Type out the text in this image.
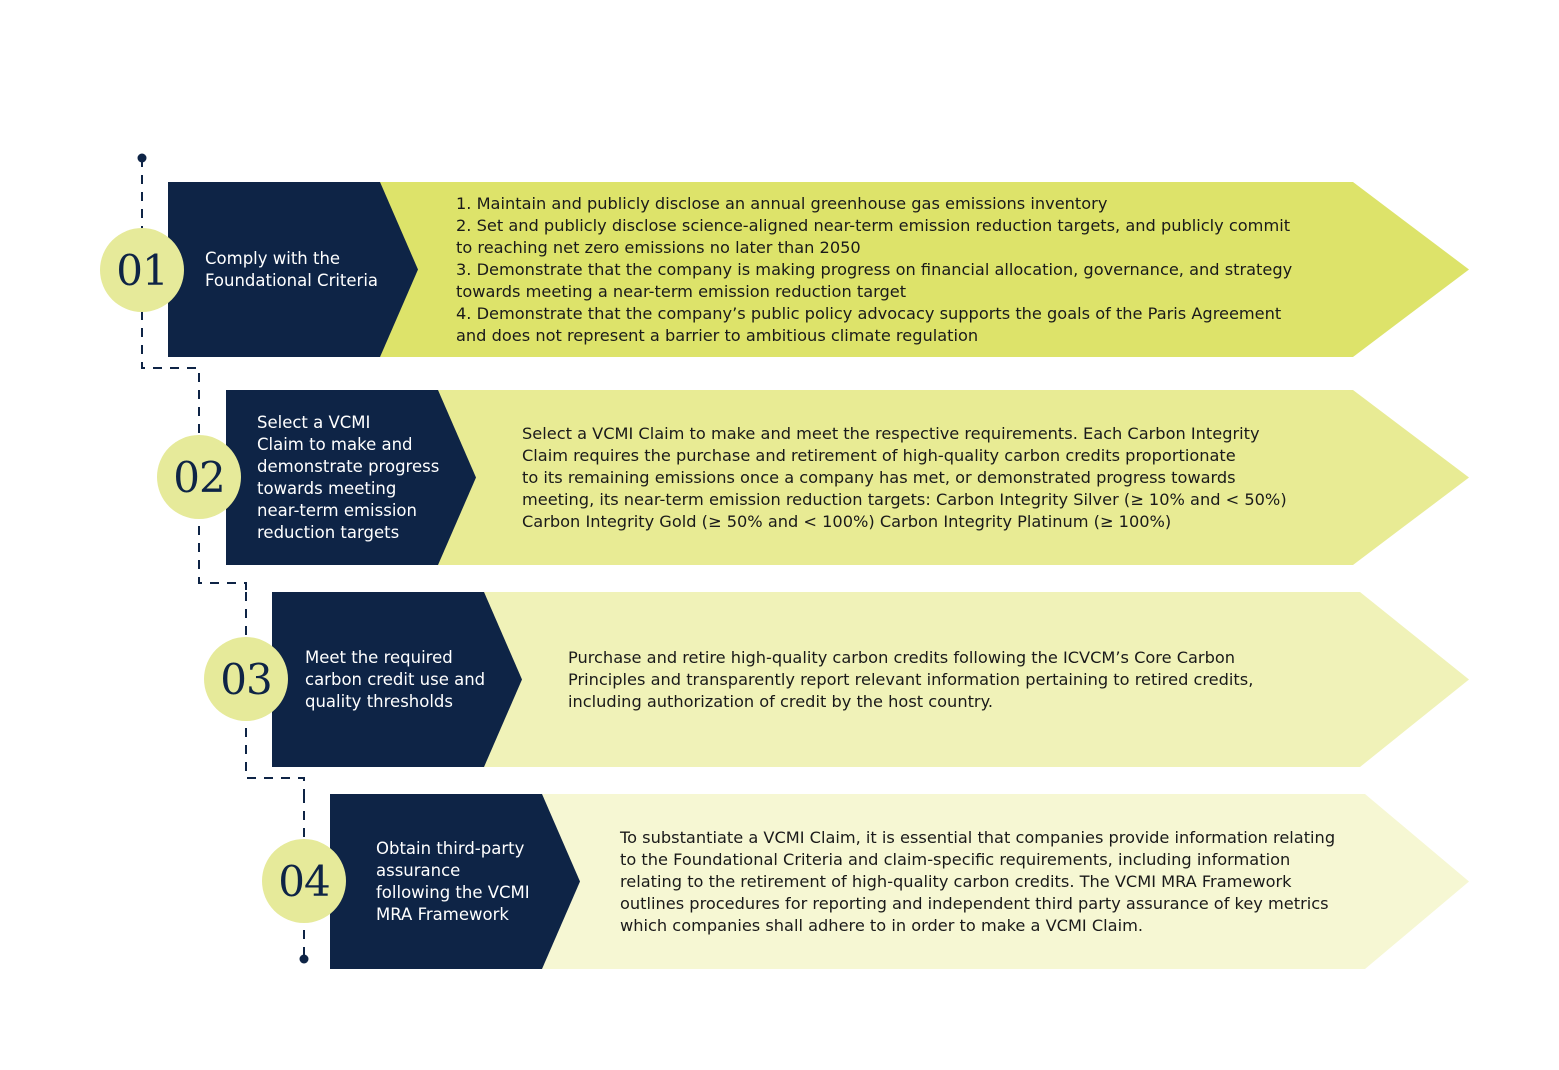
Comply with the
Foundational Criteria

1. Maintain and publicly disclose an annual greenhouse gas emissions inventory

2. Set and publicly disclose science-aligned near-term emission reduction targets, and publicly commit

to reaching net zero emissions no later than 2050

3. Demonstrate that the company is making progress on financial allocation, governance, and strategy

towards meeting a near-term emission reduction target

4. Demonstrate that the company’s public policy advocacy supports the goals of the Paris Agreement

and does not represent a barrier to ambitious climate regulation

01
Select a VCMI
Claim to make and
demonstrate progress
towards meeting
near-term emission
reduction targets

Select a VCMI Claim to make and meet the respective requirements. Each Carbon Integrity

Claim requires the purchase and retirement of high-quality carbon credits proportionate

to its remaining emissions once a company has met, or demonstrated progress towards

meeting, its near-term emission reduction targets: Carbon Integrity Silver (≥ 10% and < 50%)

Carbon Integrity Gold (≥ 50% and < 100%) Carbon Integrity Platinum (≥ 100%)

02
Meet the required
carbon credit use and
quality thresholds

Purchase and retire high-quality carbon credits following the ICVCM’s Core Carbon

Principles and transparently report relevant information pertaining to retired credits,

including authorization of credit by the host country.

03
Obtain third-party
assurance
following the VCMI
MRA Framework

To substantiate a VCMI Claim, it is essential that companies provide information relating

to the Foundational Criteria and claim-specific requirements, including information

relating to the retirement of high-quality carbon credits. The VCMI MRA Framework

outlines procedures for reporting and independent third party assurance of key metrics

which companies shall adhere to in order to make a VCMI Claim.

04
